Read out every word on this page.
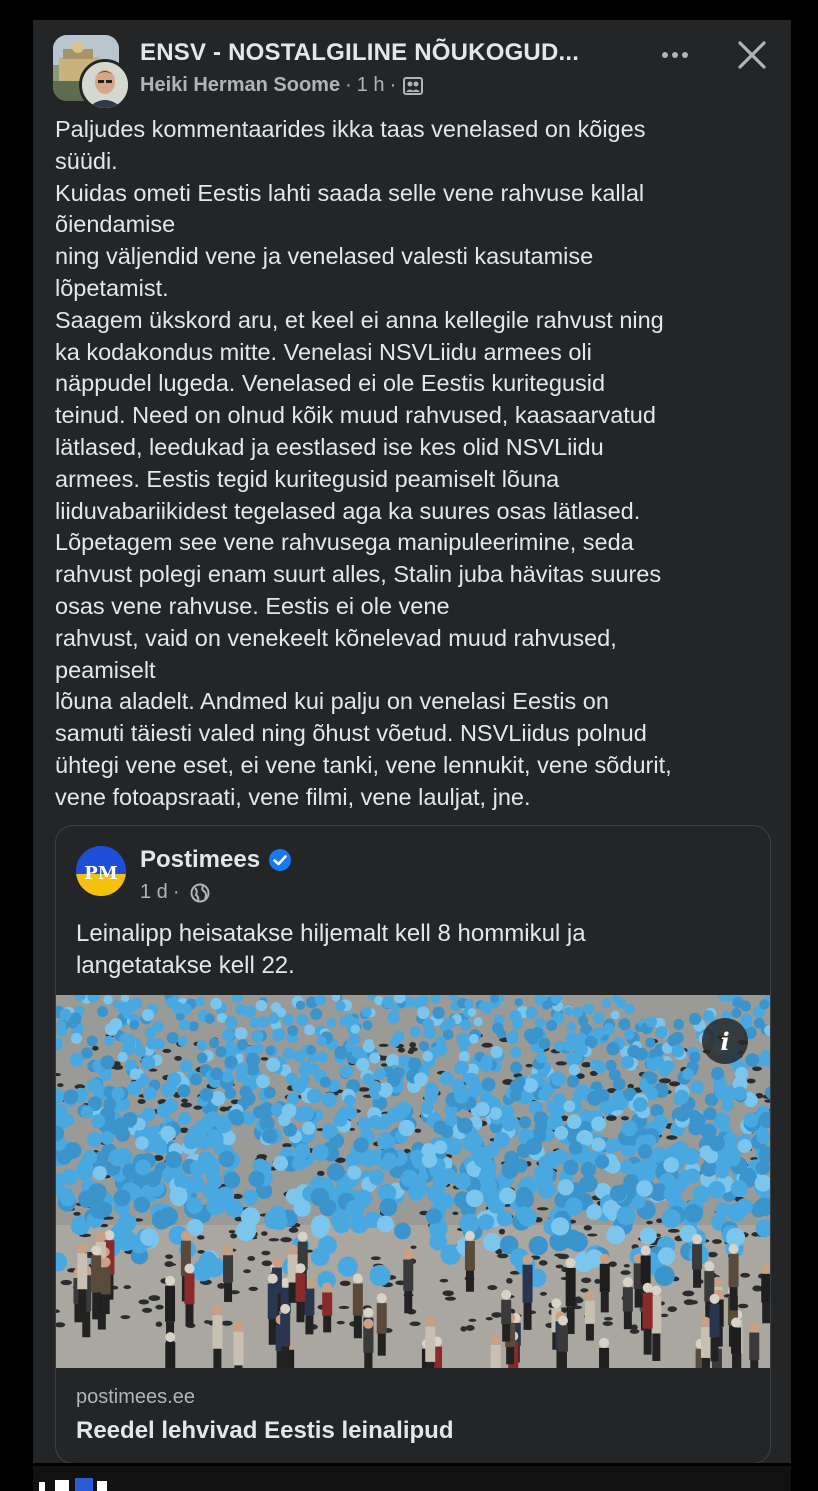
ENSV - NOSTALGILINE NÕUKOGUD...
Heiki Herman Soome · 1 h ·

Paljudes kommentaarides ikka taas venelased on kõiges

süüdi.

Kuidas ometi Eestis lahti saada selle vene rahvuse kallal

õiendamise

ning väljendid vene ja venelased valesti kasutamise

lõpetamist.

Saagem ükskord aru, et keel ei anna kellegile rahvust ning

ka kodakondus mitte. Venelasi NSVLiidu armees oli

näppudel lugeda. Venelased ei ole Eestis kuritegusid

teinud. Need on olnud kõik muud rahvused, kaasaarvatud

lätlased, leedukad ja eestlased ise kes olid NSVLiidu

armees. Eestis tegid kuritegusid peamiselt lõuna

liiduvabariikidest tegelased aga ka suures osas lätlased.

Lõpetagem see vene rahvusega manipuleerimine, seda

rahvust polegi enam suurt alles, Stalin juba hävitas suures

osas vene rahvuse. Eestis ei ole vene

rahvust, vaid on venekeelt kõnelevad muud rahvused,

peamiselt

lõuna aladelt. Andmed kui palju on venelasi Eestis on

samuti täiesti valed ning õhust võetud. NSVLiidus polnud

ühtegi vene eset, ei vene tanki, vene lennukit, vene sõdurit,

vene fotoapsraati, vene filmi, vene lauljat, jne.

PM
Postimees
1 d ·

Leinalipp heisatakse hiljemalt kell 8 hommikul ja

langetatakse kell 22.

i
postimees.ee
Reedel lehvivad Eestis leinalipud
